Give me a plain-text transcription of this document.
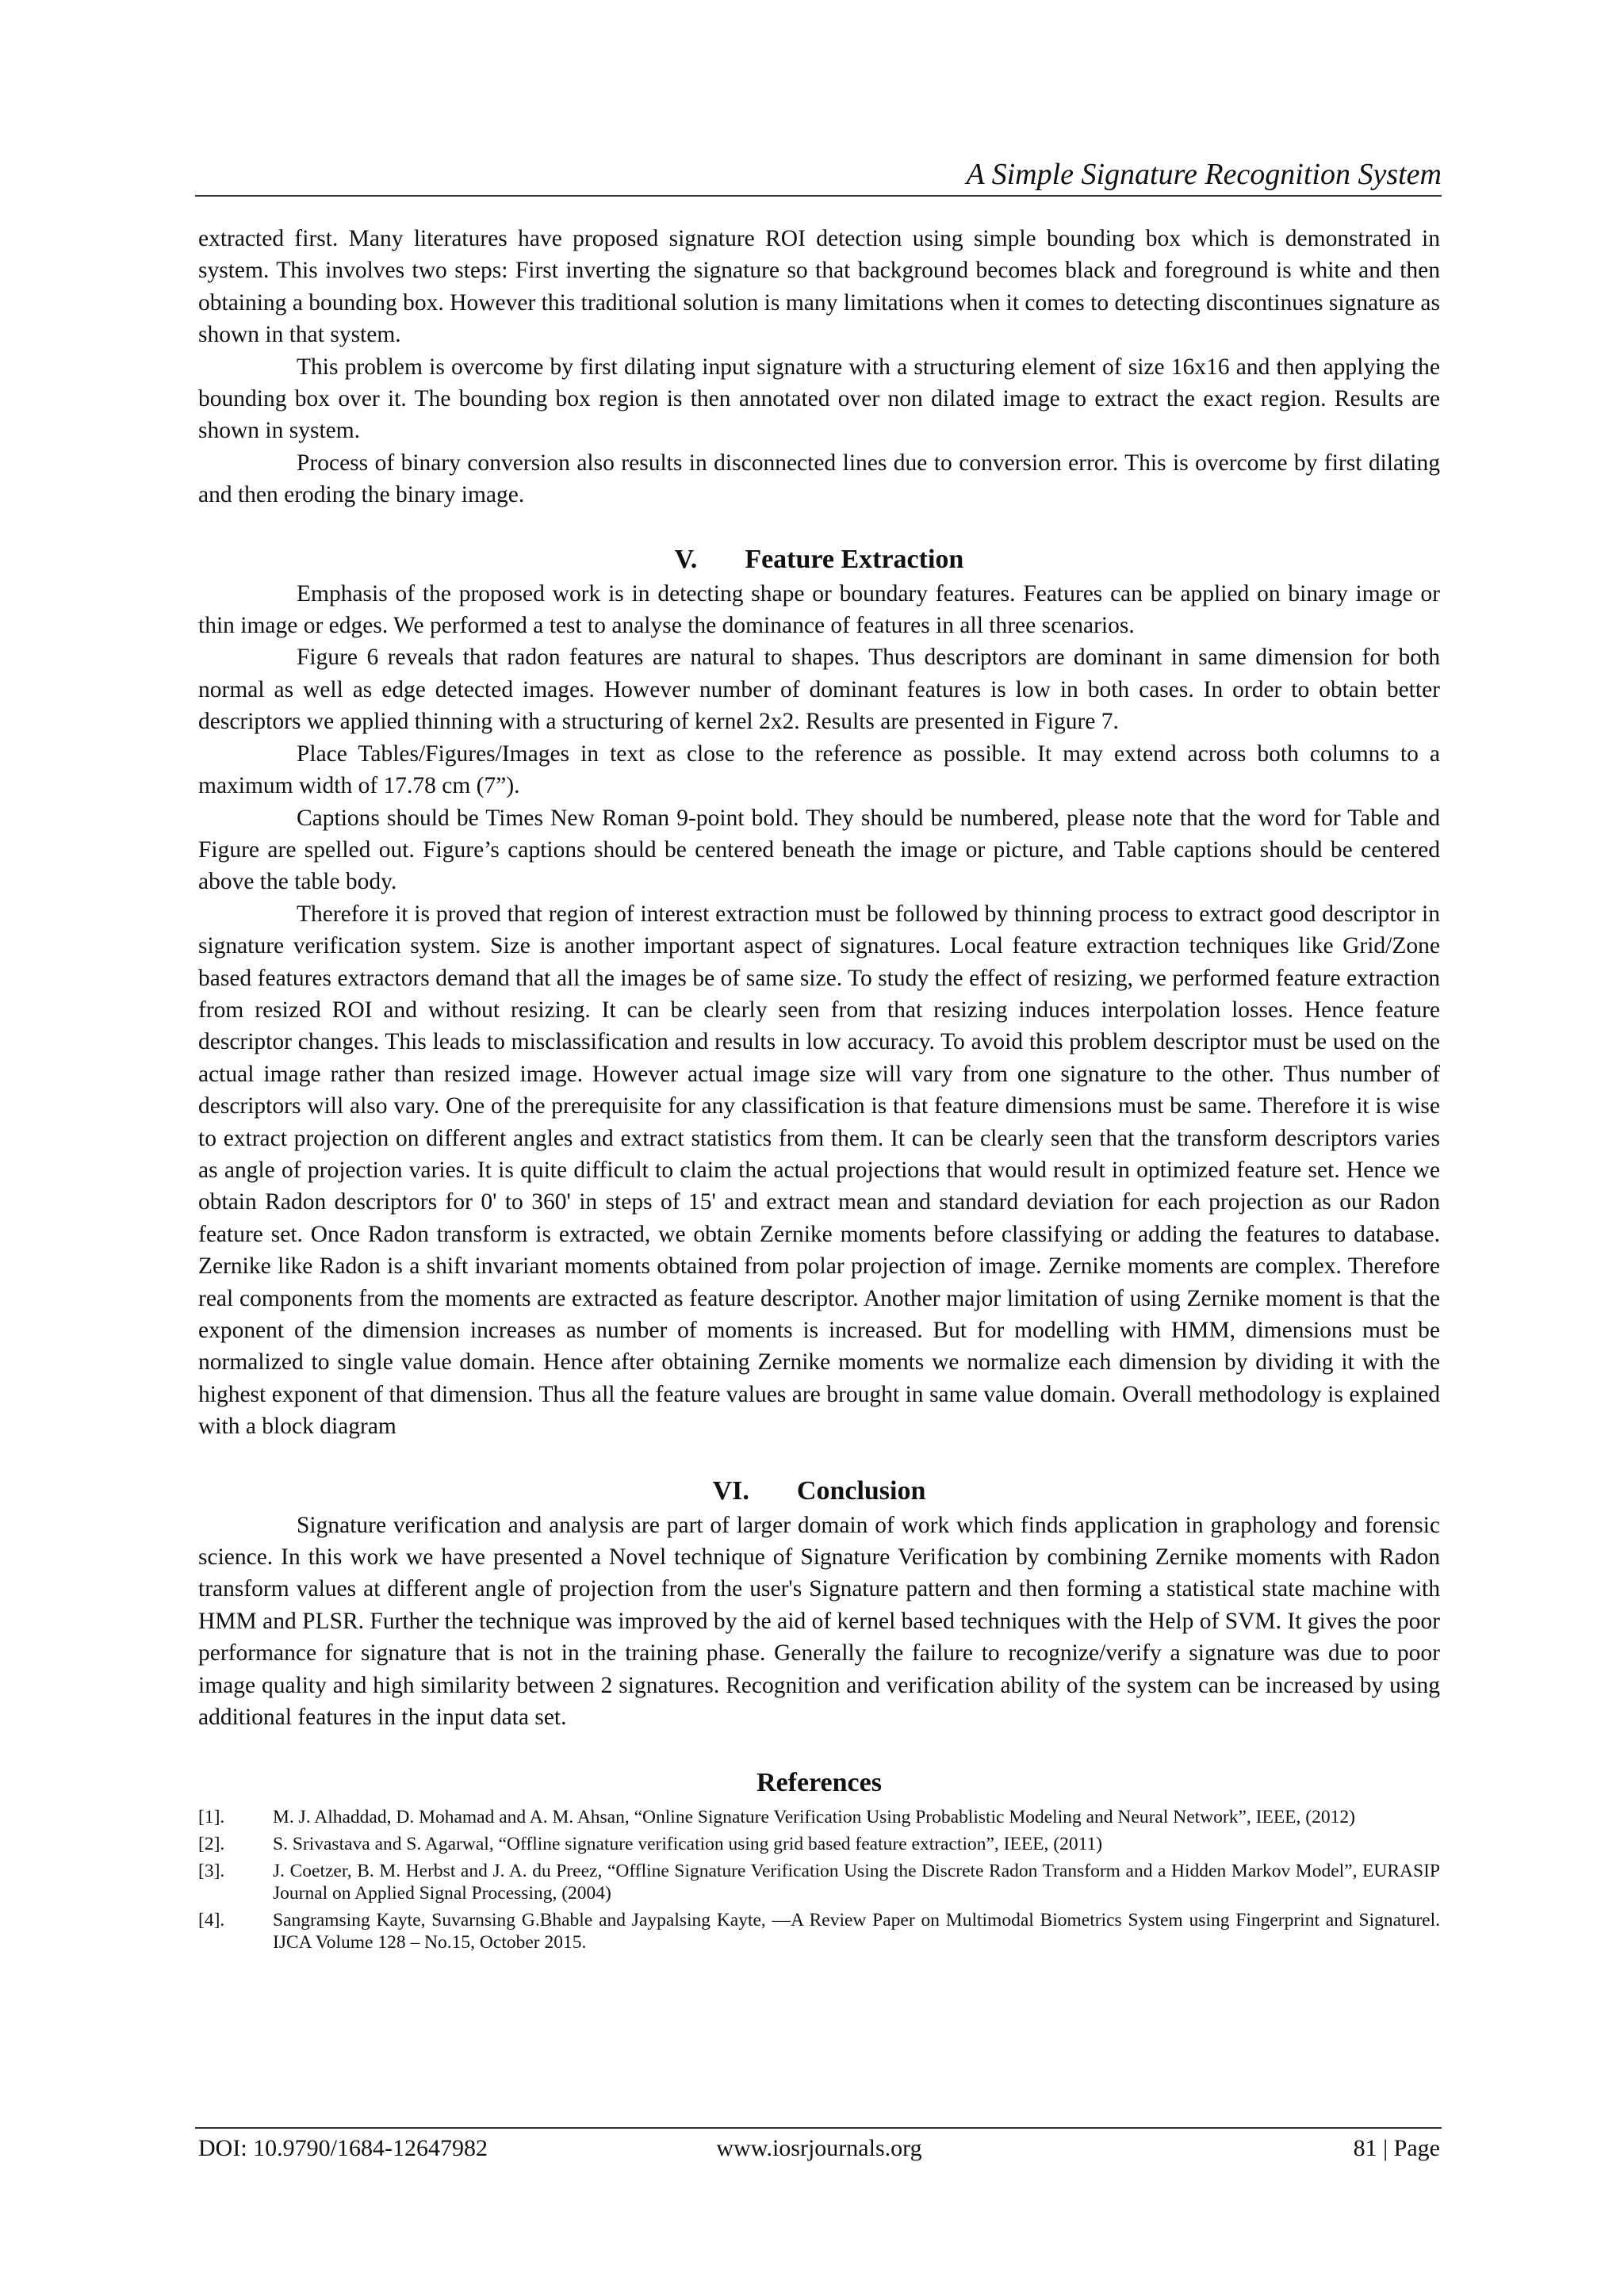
A Simple Signature Recognition System

extracted first. Many literatures have proposed signature ROI detection using simple bounding box which is demonstrated in system. This involves two steps: First inverting the signature so that background becomes black and foreground is white and then obtaining a bounding box. However this traditional solution is many limitations when it comes to detecting discontinues signature as shown in that system.

This problem is overcome by first dilating input signature with a structuring element of size 16x16 and then applying the bounding box over it. The bounding box region is then annotated over non dilated image to extract the exact region. Results are shown in system.

Process of binary conversion also results in disconnected lines due to conversion error. This is overcome by first dilating and then eroding the binary image.

V. Feature Extraction

Emphasis of the proposed work is in detecting shape or boundary features. Features can be applied on binary image or thin image or edges. We performed a test to analyse the dominance of features in all three scenarios.

Figure 6 reveals that radon features are natural to shapes. Thus descriptors are dominant in same dimension for both normal as well as edge detected images. However number of dominant features is low in both cases. In order to obtain better descriptors we applied thinning with a structuring of kernel 2x2. Results are presented in Figure 7.

Place Tables/Figures/Images in text as close to the reference as possible. It may extend across both columns to a maximum width of 17.78 cm (7”).

Captions should be Times New Roman 9-point bold. They should be numbered, please note that the word for Table and Figure are spelled out. Figure’s captions should be centered beneath the image or picture, and Table captions should be centered above the table body.

Therefore it is proved that region of interest extraction must be followed by thinning process to extract good descriptor in signature verification system. Size is another important aspect of signatures. Local feature extraction techniques like Grid/Zone based features extractors demand that all the images be of same size. To study the effect of resizing, we performed feature extraction from resized ROI and without resizing. It can be clearly seen from that resizing induces interpolation losses. Hence feature descriptor changes. This leads to misclassification and results in low accuracy. To avoid this problem descriptor must be used on the actual image rather than resized image. However actual image size will vary from one signature to the other. Thus number of descriptors will also vary. One of the prerequisite for any classification is that feature dimensions must be same. Therefore it is wise to extract projection on different angles and extract statistics from them. It can be clearly seen that the transform descriptors varies as angle of projection varies. It is quite difficult to claim the actual projections that would result in optimized feature set. Hence we obtain Radon descriptors for 0' to 360' in steps of 15' and extract mean and standard deviation for each projection as our Radon feature set. Once Radon transform is extracted, we obtain Zernike moments before classifying or adding the features to database. Zernike like Radon is a shift invariant moments obtained from polar projection of image. Zernike moments are complex. Therefore real components from the moments are extracted as feature descriptor. Another major limitation of using Zernike moment is that the exponent of the dimension increases as number of moments is increased. But for modelling with HMM, dimensions must be normalized to single value domain. Hence after obtaining Zernike moments we normalize each dimension by dividing it with the highest exponent of that dimension. Thus all the feature values are brought in same value domain. Overall methodology is explained with a block diagram

VI. Conclusion

Signature verification and analysis are part of larger domain of work which finds application in graphology and forensic science. In this work we have presented a Novel technique of Signature Verification by combining Zernike moments with Radon transform values at different angle of projection from the user's Signature pattern and then forming a statistical state machine with HMM and PLSR. Further the technique was improved by the aid of kernel based techniques with the Help of SVM. It gives the poor performance for signature that is not in the training phase. Generally the failure to recognize/verify a signature was due to poor image quality and high similarity between 2 signatures. Recognition and verification ability of the system can be increased by using additional features in the input data set.

References
[1].	M. J. Alhaddad, D. Mohamad and A. M. Ahsan, “Online Signature Verification Using Probablistic Modeling and Neural Network”, IEEE, (2012)
[2].	S. Srivastava and S. Agarwal, “Offline signature verification using grid based feature extraction”, IEEE, (2011)
[3].	J. Coetzer, B. M. Herbst and J. A. du Preez, “Offline Signature Verification Using the Discrete Radon Transform and a Hidden Markov Model”, EURASIP Journal on Applied Signal Processing, (2004)
[4].	Sangramsing Kayte, Suvarnsing G.Bhable and Jaypalsing Kayte, ―A Review Paper on Multimodal Biometrics System using Fingerprint and Signaturel. IJCA Volume 128 – No.15, October 2015.
DOI: 10.9790/1684-12647982	www.iosrjournals.org	81 | Page
